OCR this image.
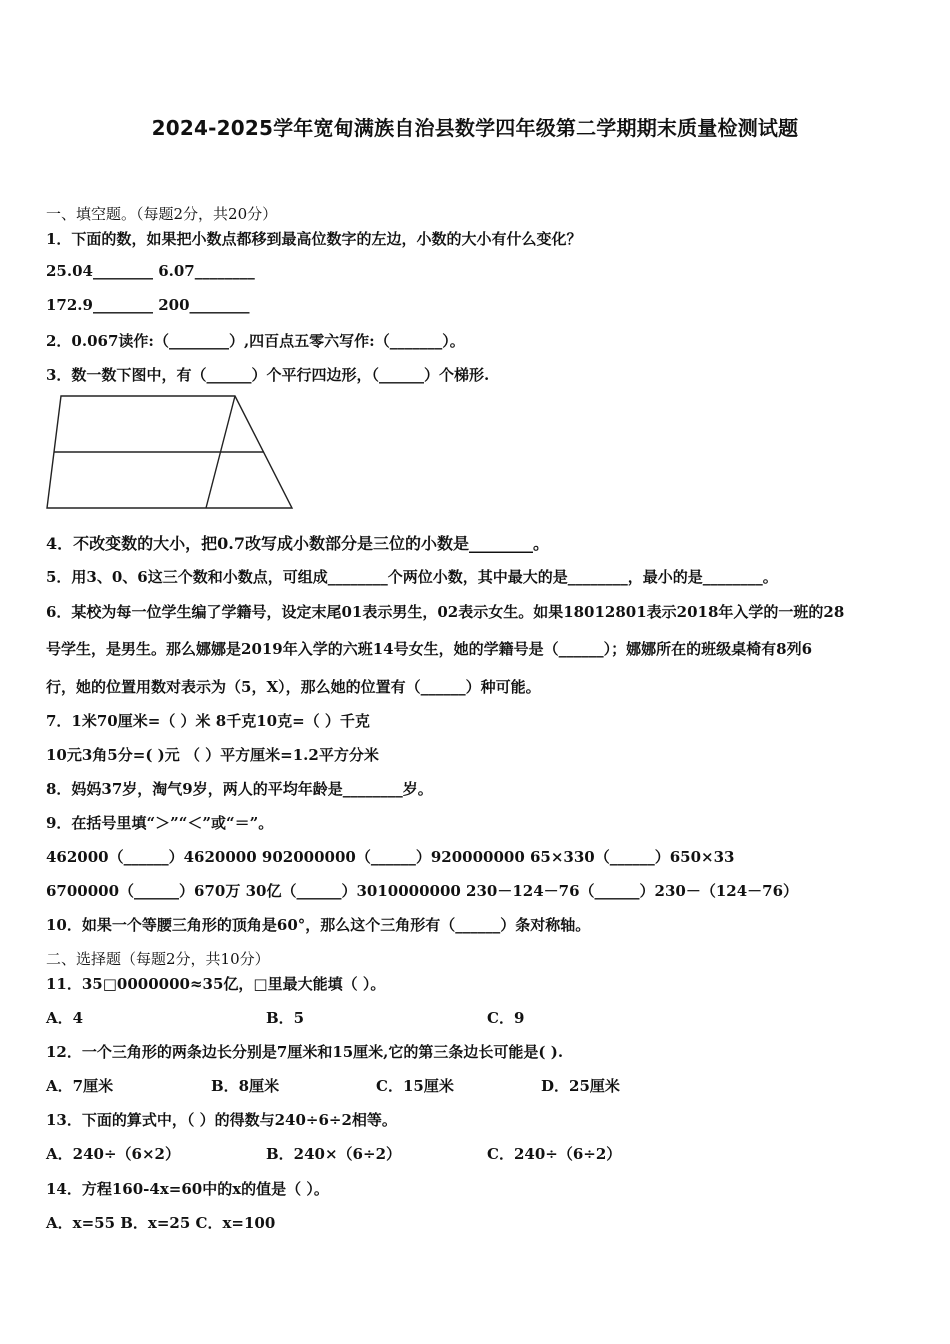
2024-2025学年宽甸满族自治县数学四年级第二学期期末质量检测试题
一、填空题。（每题2分，共20分）
1．下面的数，如果把小数点都移到最高位数字的左边，小数的大小有什么变化？
25.04________ 6.07________
172.9________ 200________
2．0.067读作:（________）,四百点五零六写作:（_______）。
3．数一数下图中，有（______）个平行四边形，（______）个梯形.
4．不改变数的大小，把0.7改写成小数部分是三位的小数是________。
5．用3、0、6这三个数和小数点，可组成________个两位小数，其中最大的是________，最小的是________。
6．某校为每一位学生编了学籍号，设定末尾01表示男生，02表示女生。如果18012801表示2018年入学的一班的28
号学生，是男生。那么娜娜是2019年入学的六班14号女生，她的学籍号是（______）；娜娜所在的班级桌椅有8列6
行，她的位置用数对表示为（5，X），那么她的位置有（______）种可能。
7．1米70厘米=（ ）米 8千克10克=（ ）千克
10元3角5分=( )元 （ ）平方厘米=1.2平方分米
8．妈妈37岁，淘气9岁，两人的平均年龄是________岁。
9．在括号里填“＞”“＜”或“＝”。
462000（______）4620000 902000000（______）920000000 65×330（______）650×33
6700000（______）670万 30亿（______）3010000000 230－124－76（______）230－（124－76）
10．如果一个等腰三角形的顶角是60°，那么这个三角形有（______）条对称轴。
二、选择题（每题2分，共10分）
11．35□0000000≈35亿，□里最大能填（ ）。
A．4	B．5	C．9
12．一个三角形的两条边长分别是7厘米和15厘米,它的第三条边长可能是( ).
A．7厘米	B．8厘米	C．15厘米	D．25厘米
13．下面的算式中，（ ）的得数与240÷6÷2相等。
A．240÷（6×2）	B．240×（6÷2）	C．240÷（6÷2）
14．方程160-4x=60中的x的值是（ ）。
A．x=55 B．x=25 C．x=100
